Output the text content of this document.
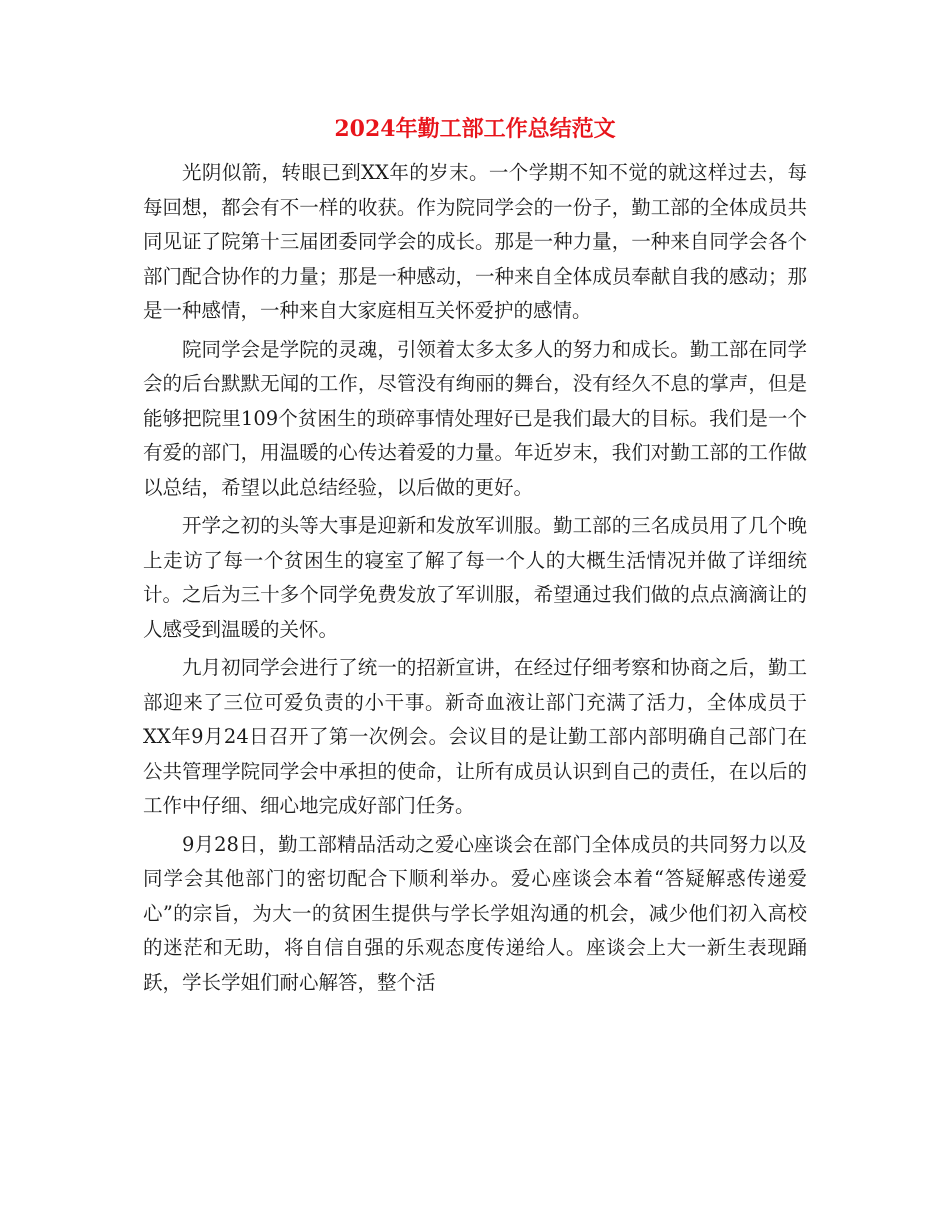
2024年勤工部工作总结范文

光阴似箭，转眼已到XX年的岁末。一个学期不知不觉的就这样过去，每每回想，都会有不一样的收获。作为院同学会的一份子，勤工部的全体成员共同见证了院第十三届团委同学会的成长。那是一种力量，一种来自同学会各个部门配合协作的力量；那是一种感动，一种来自全体成员奉献自我的感动；那是一种感情，一种来自大家庭相互关怀爱护的感情。

院同学会是学院的灵魂，引领着太多太多人的努力和成长。勤工部在同学会的后台默默无闻的工作，尽管没有绚丽的舞台，没有经久不息的掌声，但是能够把院里109个贫困生的琐碎事情处理好已是我们最大的目标。我们是一个有爱的部门，用温暖的心传达着爱的力量。年近岁末，我们对勤工部的工作做以总结，希望以此总结经验，以后做的更好。

开学之初的头等大事是迎新和发放军训服。勤工部的三名成员用了几个晚上走访了每一个贫困生的寝室了解了每一个人的大概生活情况并做了详细统计。之后为三十多个同学免费发放了军训服，希望通过我们做的点点滴滴让的人感受到温暖的关怀。

九月初同学会进行了统一的招新宣讲，在经过仔细考察和协商之后，勤工部迎来了三位可爱负责的小干事。新奇血液让部门充满了活力，全体成员于XX年9月24日召开了第一次例会。会议目的是让勤工部内部明确自己部门在公共管理学院同学会中承担的使命，让所有成员认识到自己的责任，在以后的工作中仔细、细心地完成好部门任务。

9月28日，勤工部精品活动之爱心座谈会在部门全体成员的共同努力以及同学会其他部门的密切配合下顺利举办。爱心座谈会本着“答疑解惑传递爱心”的宗旨，为大一的贫困生提供与学长学姐沟通的机会，减少他们初入高校的迷茫和无助，将自信自强的乐观态度传递给人。座谈会上大一新生表现踊跃，学长学姐们耐心解答，整个活
